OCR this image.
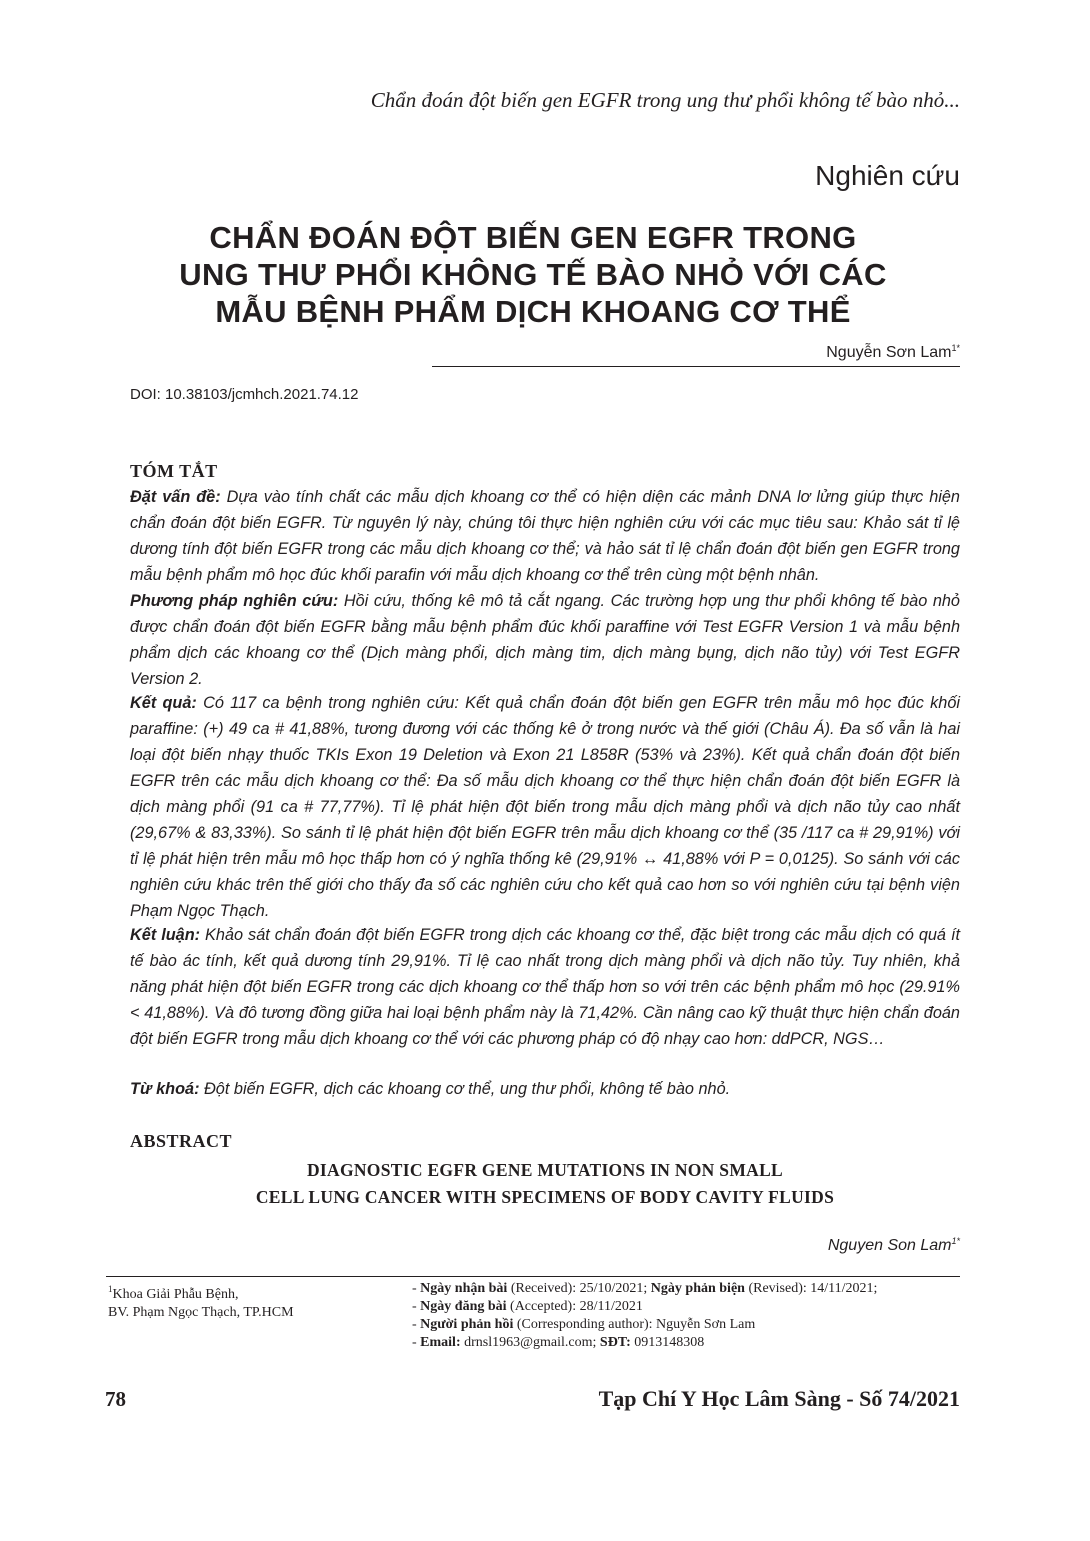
Chẩn đoán đột biến gen EGFR trong ung thư phổi không tế bào nhỏ...
Nghiên cứu
CHẨN ĐOÁN ĐỘT BIẾN GEN EGFR TRONG
UNG THƯ PHỔI KHÔNG TẾ BÀO NHỎ VỚI CÁC
MẪU BỆNH PHẨM DỊCH KHOANG CƠ THỂ
Nguyễn Sơn Lam$^{1*}$
DOI: 10.38103/jcmhch.2021.74.12
TÓM TẮT
Đặt vấn đề: Dựa vào tính chất các mẫu dịch khoang cơ thể có hiện diện các mảnh DNA lơ lửng giúp thực hiện chẩn đoán đột biến EGFR. Từ nguyên lý này, chúng tôi thực hiện nghiên cứu với các mục tiêu sau: Khảo sát tỉ lệ dương tính đột biến EGFR trong các mẫu dịch khoang cơ thể; và hảo sát tỉ lệ chẩn đoán đột biến gen EGFR trong mẫu bệnh phẩm mô học đúc khối parafin với mẫu dịch khoang cơ thể trên cùng một bệnh nhân.
Phương pháp nghiên cứu: Hồi cứu, thống kê mô tả cắt ngang. Các trường hợp ung thư phổi không tế bào nhỏ được chẩn đoán đột biến EGFR bằng mẫu bệnh phẩm đúc khối paraffine với Test EGFR Version 1 và mẫu bệnh phẩm dịch các khoang cơ thể (Dịch màng phổi, dịch màng tim, dịch màng bụng, dịch não tủy) với Test EGFR Version 2.
Kết quả: Có 117 ca bệnh trong nghiên cứu: Kết quả chẩn đoán đột biến gen EGFR trên mẫu mô học đúc khối paraffine: (+) 49 ca # 41,88%, tương đương với các thống kê ở trong nước và thế giới (Châu Á). Đa số vẫn là hai loại đột biến nhạy thuốc TKIs Exon 19 Deletion và Exon 21 L858R (53% và 23%). Kết quả chẩn đoán đột biến EGFR trên các mẫu dịch khoang cơ thể: Đa số mẫu dịch khoang cơ thể thực hiện chẩn đoán đột biến EGFR là dịch màng phổi (91 ca # 77,77%). Tỉ lệ phát hiện đột biến trong mẫu dịch màng phổi và dịch não tủy cao nhất (29,67% & 83,33%). So sánh tỉ lệ phát hiện đột biến EGFR trên mẫu dịch khoang cơ thể (35 /117 ca # 29,91%) với tỉ lệ phát hiện trên mẫu mô học thấp hơn có ý nghĩa thống kê (29,91% ↔ 41,88% với P = 0,0125). So sánh với các nghiên cứu khác trên thế giới cho thấy đa số các nghiên cứu cho kết quả cao hơn so với nghiên cứu tại bệnh viện Phạm Ngọc Thạch.
Kết luận: Khảo sát chẩn đoán đột biến EGFR trong dịch các khoang cơ thể, đặc biệt trong các mẫu dịch có quá ít tế bào ác tính, kết quả dương tính 29,91%. Tỉ lệ cao nhất trong dịch màng phổi và dịch não tủy. Tuy nhiên, khả năng phát hiện đột biến EGFR trong các dịch khoang cơ thể thấp hơn so với trên các bệnh phẩm mô học (29.91% < 41,88%). Và đô tương đồng giữa hai loại bệnh phẩm này là 71,42%. Cần nâng cao kỹ thuật thực hiện chẩn đoán đột biến EGFR trong mẫu dịch khoang cơ thể với các phương pháp có độ nhạy cao hơn: ddPCR, NGS…
Từ khoá: Đột biến EGFR, dịch các khoang cơ thể, ung thư phổi, không tế bào nhỏ.
ABSTRACT
DIAGNOSTIC EGFR GENE MUTATIONS IN NON SMALL
CELL LUNG CANCER WITH SPECIMENS OF BODY CAVITY FLUIDS
Nguyen Son Lam$^{1*}$
$^1$Khoa Giải Phẫu Bệnh,
BV. Phạm Ngọc Thạch, TP.HCM
- Ngày nhận bài (Received): 25/10/2021; Ngày phản biện (Revised): 14/11/2021;
- Ngày đăng bài (Accepted): 28/11/2021
- Người phản hồi (Corresponding author): Nguyễn Sơn Lam
- Email: drnsl1963@gmail.com; SĐT: 0913148308
78	Tạp Chí Y Học Lâm Sàng - Số 74/2021
